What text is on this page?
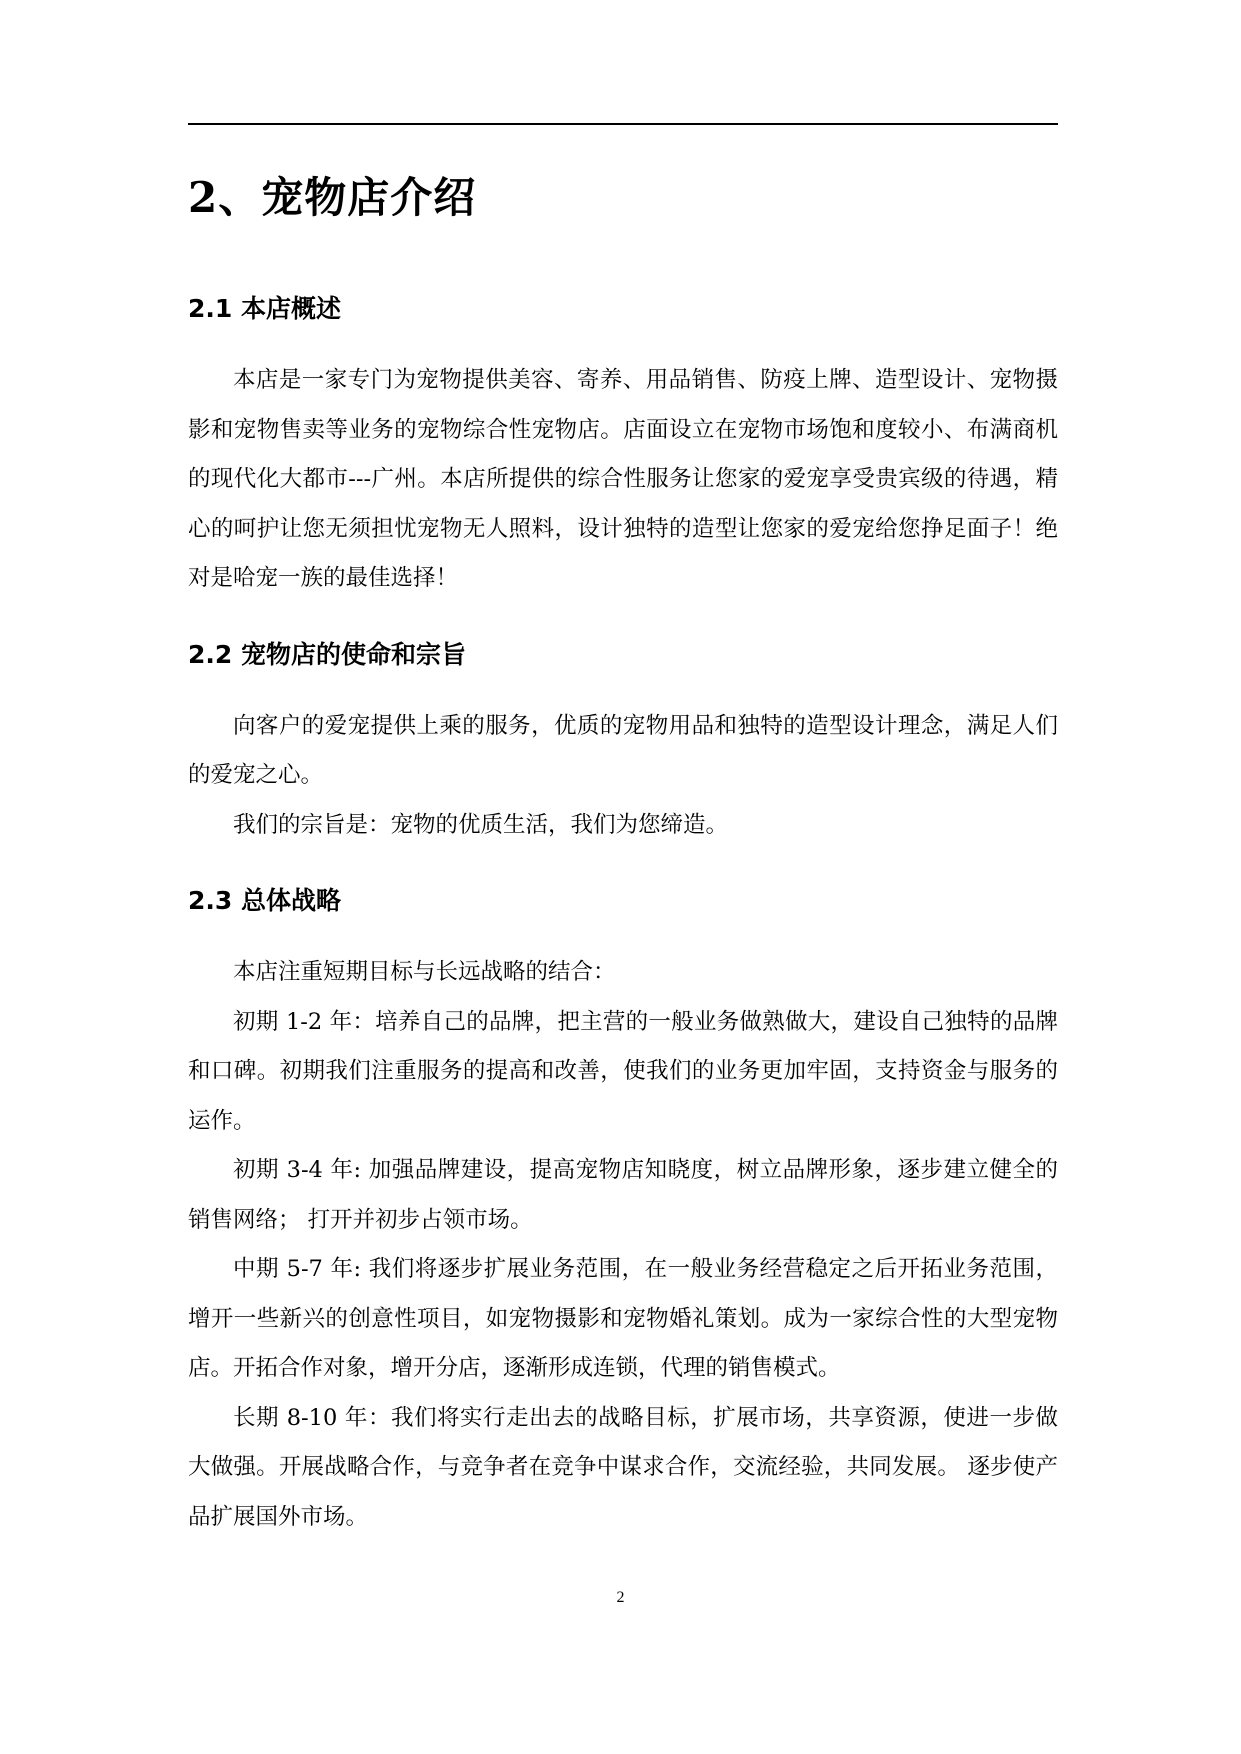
2、宠物店介绍
2.1 本店概述

本店是一家专门为宠物提供美容、寄养、用品销售、防疫上牌、造型设计、宠物摄影和宠物售卖等业务的宠物综合性宠物店。店面设立在宠物市场饱和度较小、布满商机的现代化大都市---广州。本店所提供的综合性服务让您家的爱宠享受贵宾级的待遇，精心的呵护让您无须担忧宠物无人照料，设计独特的造型让您家的爱宠给您挣足面子！绝对是哈宠一族的最佳选择！

2.2 宠物店的使命和宗旨

向客户的爱宠提供上乘的服务，优质的宠物用品和独特的造型设计理念，满足人们的爱宠之心。

我们的宗旨是：宠物的优质生活，我们为您缔造。

2.3 总体战略

本店注重短期目标与长远战略的结合：

初期 1-2 年：培养自己的品牌，把主营的一般业务做熟做大，建设自己独特的品牌和口碑。初期我们注重服务的提高和改善，使我们的业务更加牢固，支持资金与服务的运作。

初期 3-4 年: 加强品牌建设，提高宠物店知晓度，树立品牌形象，逐步建立健全的销售网络； 打开并初步占领市场。

中期 5-7 年: 我们将逐步扩展业务范围，在一般业务经营稳定之后开拓业务范围，增开一些新兴的创意性项目，如宠物摄影和宠物婚礼策划。成为一家综合性的大型宠物店。开拓合作对象，增开分店，逐渐形成连锁，代理的销售模式。

长期 8-10 年：我们将实行走出去的战略目标，扩展市场，共享资源，使进一步做大做强。开展战略合作，与竞争者在竞争中谋求合作，交流经验，共同发展。 逐步使产品扩展国外市场。

2
